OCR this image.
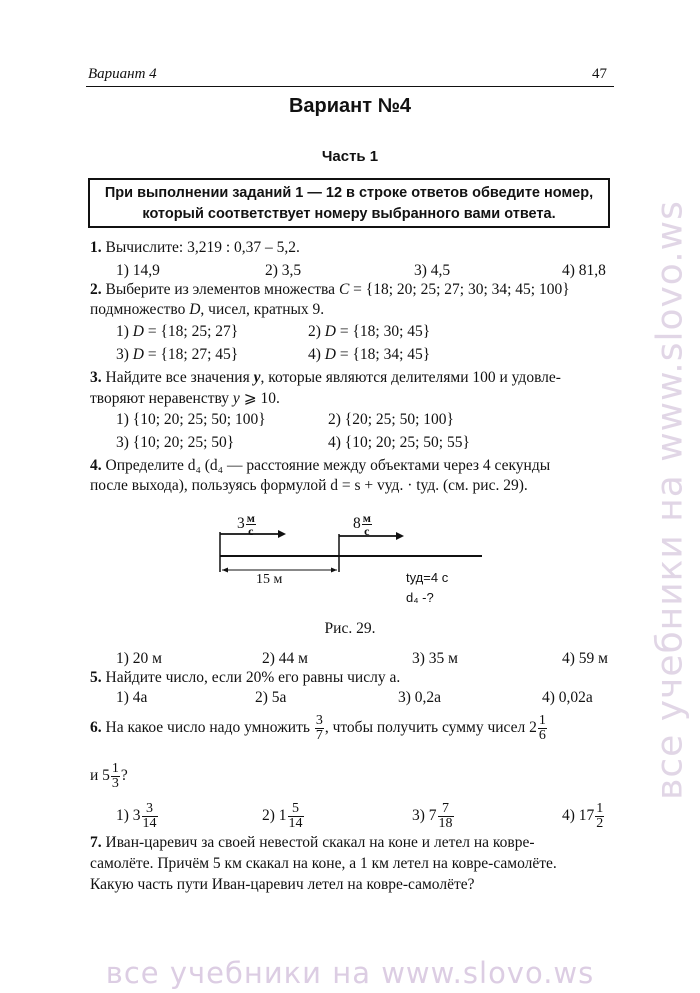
Вариант 4	47
Вариант №4
Часть 1
При выполнении заданий 1 — 12 в строке ответов обведите номер,
который соответствует номеру выбранного вами ответа.
1. Вычислите: 3,219 : 0,37 – 5,2.
1) 14,9	2) 3,5	3) 4,5	4) 81,8
2. Выберите из элементов множества C = {18; 20; 25; 27; 30; 34; 45; 100}
подмножество D, чисел, кратных 9.
1) D = {18; 25; 27}	2) D = {18; 30; 45}
3) D = {18; 27; 45}	4) D = {18; 34; 45}
3. Найдите все значения y, которые являются делителями 100 и удовле-
творяют неравенству y ⩾ 10.
1) {10; 20; 25; 50; 100}	2) {20; 25; 50; 100}
3) {10; 20; 25; 50}	4) {10; 20; 25; 50; 55}
4. Определите d₄ (d₄ — расстояние между объектами через 4 секунды
после выхода), пользуясь формулой d = s + vуд. · tуд. (см. рис. 29).
$3 \frac{м}{с}$	$8 \frac{м}{с}$
15 м	tуд=4 с
d₄ -?
Рис. 29.
1) 20 м	2) 44 м	3) 35 м	4) 59 м
5. Найдите число, если 20% его равны числу a.
1) 4a	2) 5a	3) 0,2a	4) 0,02a
6. На какое число надо умножить $\frac{3}{7}$ , чтобы получить сумму чисел $2 \frac{1}{6}$
и $5 \frac{1}{3}$ ?
1) $3 \frac{3}{14}$	2) $1 \frac{5}{14}$	3) $7 \frac{7}{18}$	4) $17 \frac{1}{2}$
7. Иван-царевич за своей невестой скакал на коне и летел на ковре-
самолёте. Причём 5 км скакал на коне, а 1 км летел на ковре-самолёте.
Какую часть пути Иван-царевич летел на ковре-самолёте?
все учебники на www.slovo.ws
все учебники на www.slovo.ws
